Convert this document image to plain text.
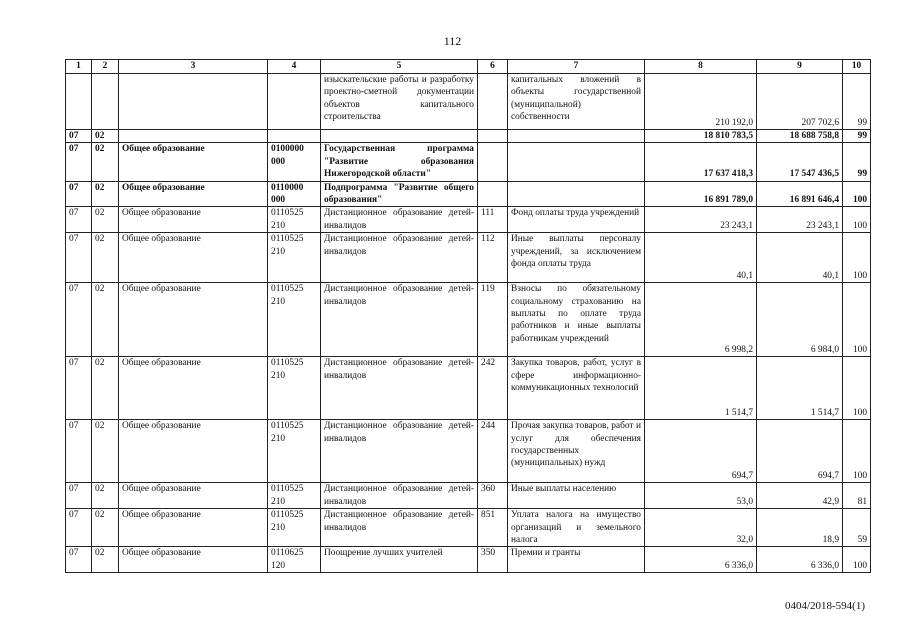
112
1	2	3	4	5	6	7	8	9	10
				изыскательские работы и разработку проектно-сметной документации объектов капитального строительства		капитальных вложений в объекты государственной (муниципальной) собственности	210 192,0	207 702,6	99
07	02						18 810 783,5	18 688 758,8	99
07	02	Общее образование	0100000 000	Государственная программа "Развитие образования Нижегородской области"			17 637 418,3	17 547 436,5	99
07	02	Общее образование	0110000 000	Подпрограмма "Развитие общего образования"			16 891 789,0	16 891 646,4	100
07	02	Общее образование	0110525 210	Дистанционное образование детей-инвалидов	111	Фонд оплаты труда учреждений	23 243,1	23 243,1	100
07	02	Общее образование	0110525 210	Дистанционное образование детей-инвалидов	112	Иные выплаты персоналу учреждений, за исключением фонда оплаты труда	40,1	40,1	100
07	02	Общее образование	0110525 210	Дистанционное образование детей-инвалидов	119	Взносы по обязательному социальному страхованию на выплаты по оплате труда работников и иные выплаты работникам учреждений	6 998,2	6 984,0	100
07	02	Общее образование	0110525 210	Дистанционное образование детей-инвалидов	242	Закупка товаров, работ, услуг в сфере информационно-коммуникационных технологий	1 514,7	1 514,7	100
07	02	Общее образование	0110525 210	Дистанционное образование детей-инвалидов	244	Прочая закупка товаров, работ и услуг для обеспечения государственных (муниципальных) нужд	694,7	694,7	100
07	02	Общее образование	0110525 210	Дистанционное образование детей-инвалидов	360	Иные выплаты населению	53,0	42,9	81
07	02	Общее образование	0110525 210	Дистанционное образование детей-инвалидов	851	Уплата налога на имущество организаций и земельного налога	32,0	18,9	59
07	02	Общее образование	0110625 120	Поощрение лучших учителей	350	Премии и гранты	6 336,0	6 336,0	100
0404/2018-594(1)
